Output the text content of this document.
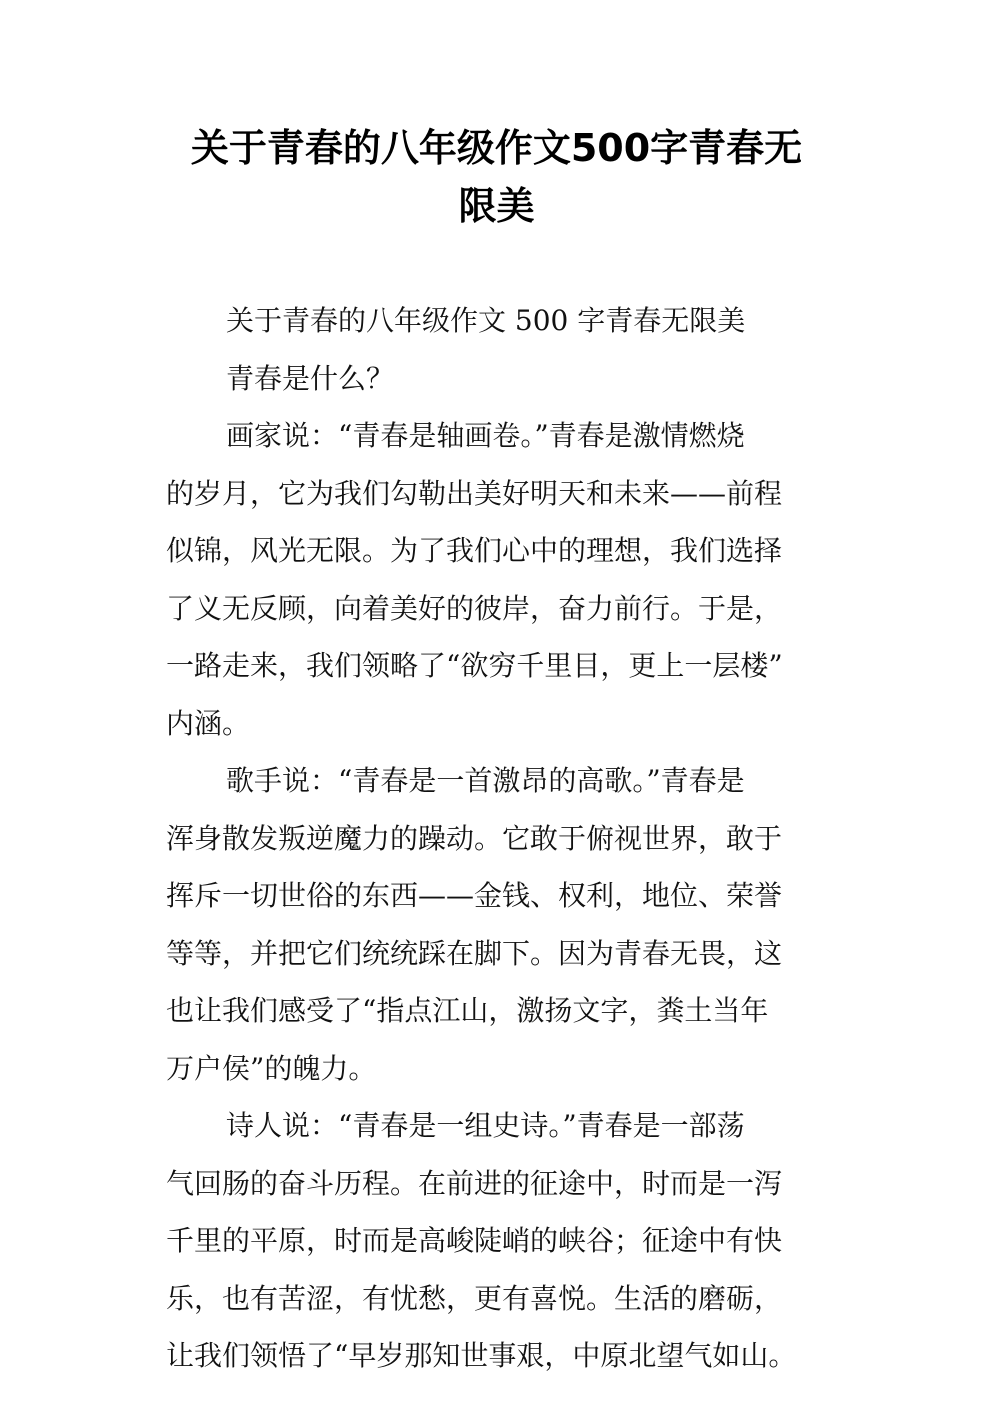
关于青春的八年级作文500字青春无
限美
关于青春的八年级作文 500 字青春无限美
青春是什么？
画家说：“青春是轴画卷。”青春是激情燃烧
的岁月，它为我们勾勒出美好明天和未来——前程
似锦，风光无限。为了我们心中的理想，我们选择
了义无反顾，向着美好的彼岸，奋力前行。于是，
一路走来，我们领略了“欲穷千里目，更上一层楼”
内涵。
歌手说：“青春是一首激昂的高歌。”青春是
浑身散发叛逆魔力的躁动。它敢于俯视世界，敢于
挥斥一切世俗的东西——金钱、权利，地位、荣誉
等等，并把它们统统踩在脚下。因为青春无畏，这
也让我们感受了“指点江山，激扬文字，粪土当年
万户侯”的魄力。
诗人说：“青春是一组史诗。”青春是一部荡
气回肠的奋斗历程。在前进的征途中，时而是一泻
千里的平原，时而是高峻陡峭的峡谷；征途中有快
乐，也有苦涩，有忧愁，更有喜悦。生活的磨砺，
让我们领悟了“早岁那知世事艰，中原北望气如山。
